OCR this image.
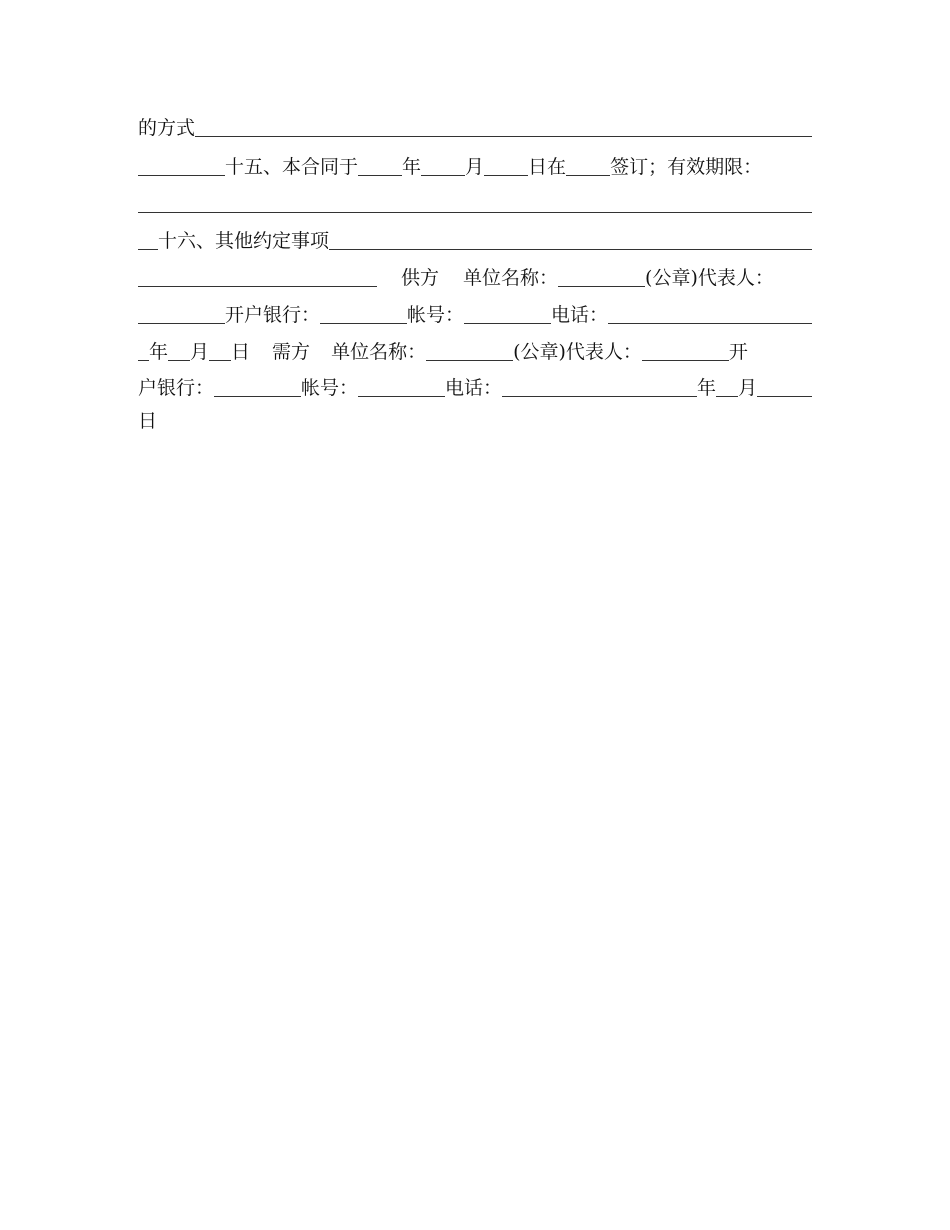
的方式
十五、本合同于 年 月 日在 签订；有效期限：
十六、其他约定事项
供方 单位名称：	(公章)代表人：
开户银行：	帐号：	电话：
年 月 日 需方 单位名称：	(公章)代表人：	开
户银行：	帐号：	电话：	年 月
日
